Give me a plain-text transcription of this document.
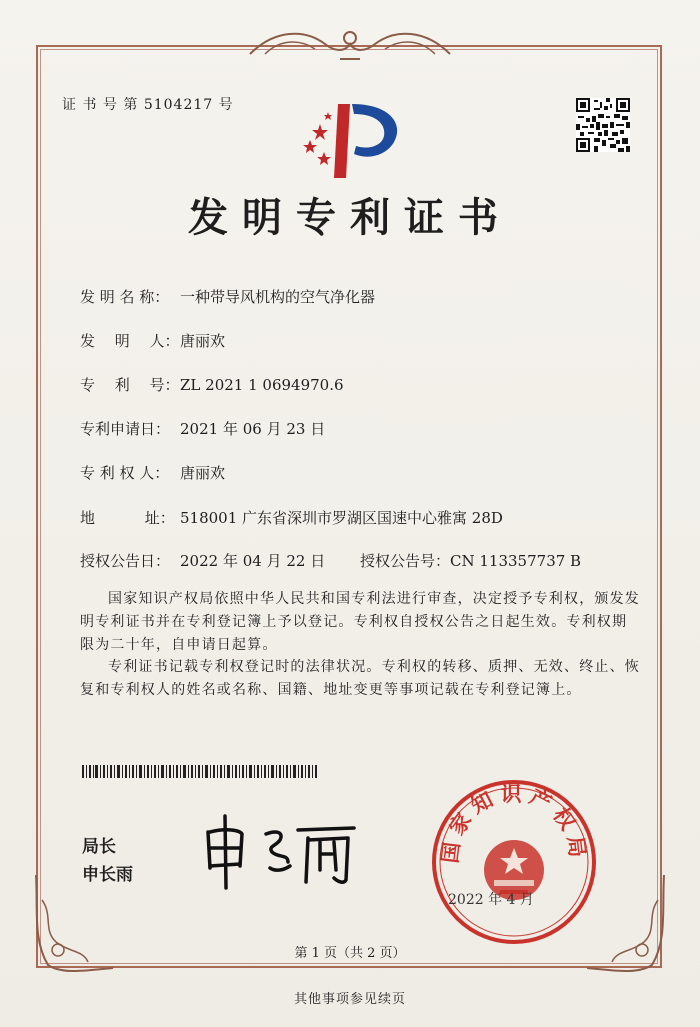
证 书 号 第 5104217 号
发明专利证书
发 明 名 称： 一种带导风机构的空气净化器
发　 明　 人：唐丽欢
专　 利　 号：ZL 2021 1 0694970.6
专利申请日： 2021 年 06 月 23 日
专 利 权 人： 唐丽欢
地　　　 址： 518001 广东省深圳市罗湖区国速中心雅寓 28D
授权公告日： 2022 年 04 月 22 日 授权公告号：CN 113357737 B
国家知识产权局依照中华人民共和国专利法进行审查，决定授予专利权，颁发发明专利证书并在专利登记簿上予以登记。专利权自授权公告之日起生效。专利权期限为二十年，自申请日起算。
专利证书记载专利权登记时的法律状况。专利权的转移、质押、无效、终止、恢复和专利权人的姓名或名称、国籍、地址变更等事项记载在专利登记簿上。
局长
申长雨
国家知识产权局
2022 年 4 月
第 1 页（共 2 页）
其他事项参见续页
